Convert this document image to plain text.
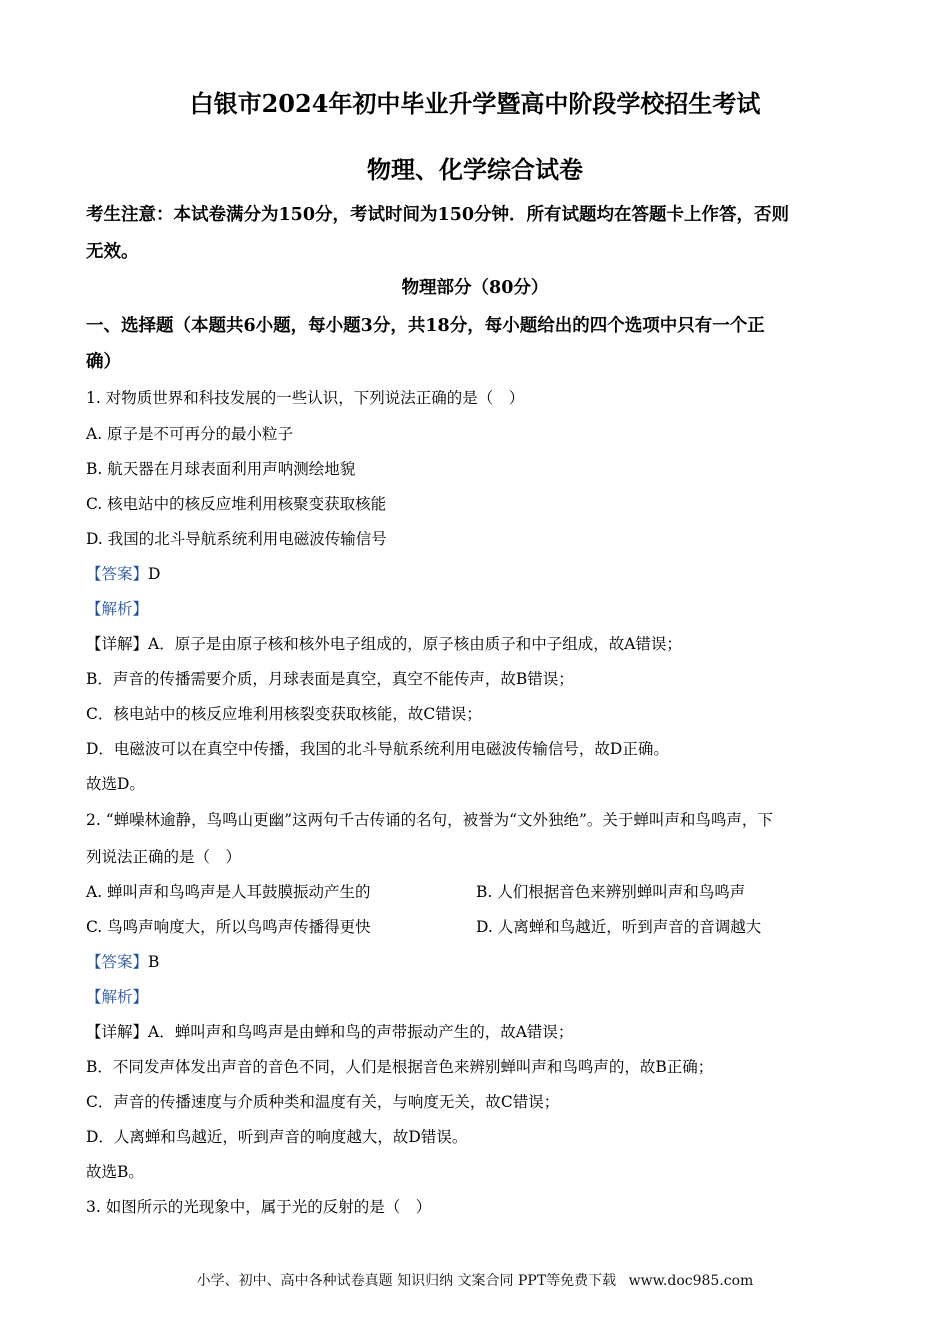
白银市2024年初中毕业升学暨高中阶段学校招生考试
物理、化学综合试卷
考生注意：本试卷满分为150分，考试时间为150分钟．所有试题均在答题卡上作答，否则
无效。
物理部分（80分）
一、选择题（本题共6小题，每小题3分，共18分，每小题给出的四个选项中只有一个正
确）
1. 对物质世界和科技发展的一些认识，下列说法正确的是（　）
A. 原子是不可再分的最小粒子
B. 航天器在月球表面利用声呐测绘地貌
C. 核电站中的核反应堆利用核聚变获取核能
D. 我国的北斗导航系统利用电磁波传输信号
【答案】D
【解析】
【详解】A．原子是由原子核和核外电子组成的，原子核由质子和中子组成，故A错误；
B．声音的传播需要介质，月球表面是真空，真空不能传声，故B错误；
C．核电站中的核反应堆利用核裂变获取核能，故C错误；
D．电磁波可以在真空中传播，我国的北斗导航系统利用电磁波传输信号，故D正确。
故选D。
2. “蝉噪林逾静，鸟鸣山更幽”这两句千古传诵的名句，被誉为“文外独绝”。关于蝉叫声和鸟鸣声，下
列说法正确的是（　）
A. 蝉叫声和鸟鸣声是人耳鼓膜振动产生的	B. 人们根据音色来辨别蝉叫声和鸟鸣声
C. 鸟鸣声响度大，所以鸟鸣声传播得更快	D. 人离蝉和鸟越近，听到声音的音调越大
【答案】B
【解析】
【详解】A．蝉叫声和鸟鸣声是由蝉和鸟的声带振动产生的，故A错误；
B．不同发声体发出声音的音色不同，人们是根据音色来辨别蝉叫声和鸟鸣声的，故B正确；
C．声音的传播速度与介质种类和温度有关，与响度无关，故C错误；
D．人离蝉和鸟越近，听到声音的响度越大，故D错误。
故选B。
3. 如图所示的光现象中，属于光的反射的是（　）
小学、初中、高中各种试卷真题 知识归纳 文案合同 PPT等免费下载 www.doc985.com
